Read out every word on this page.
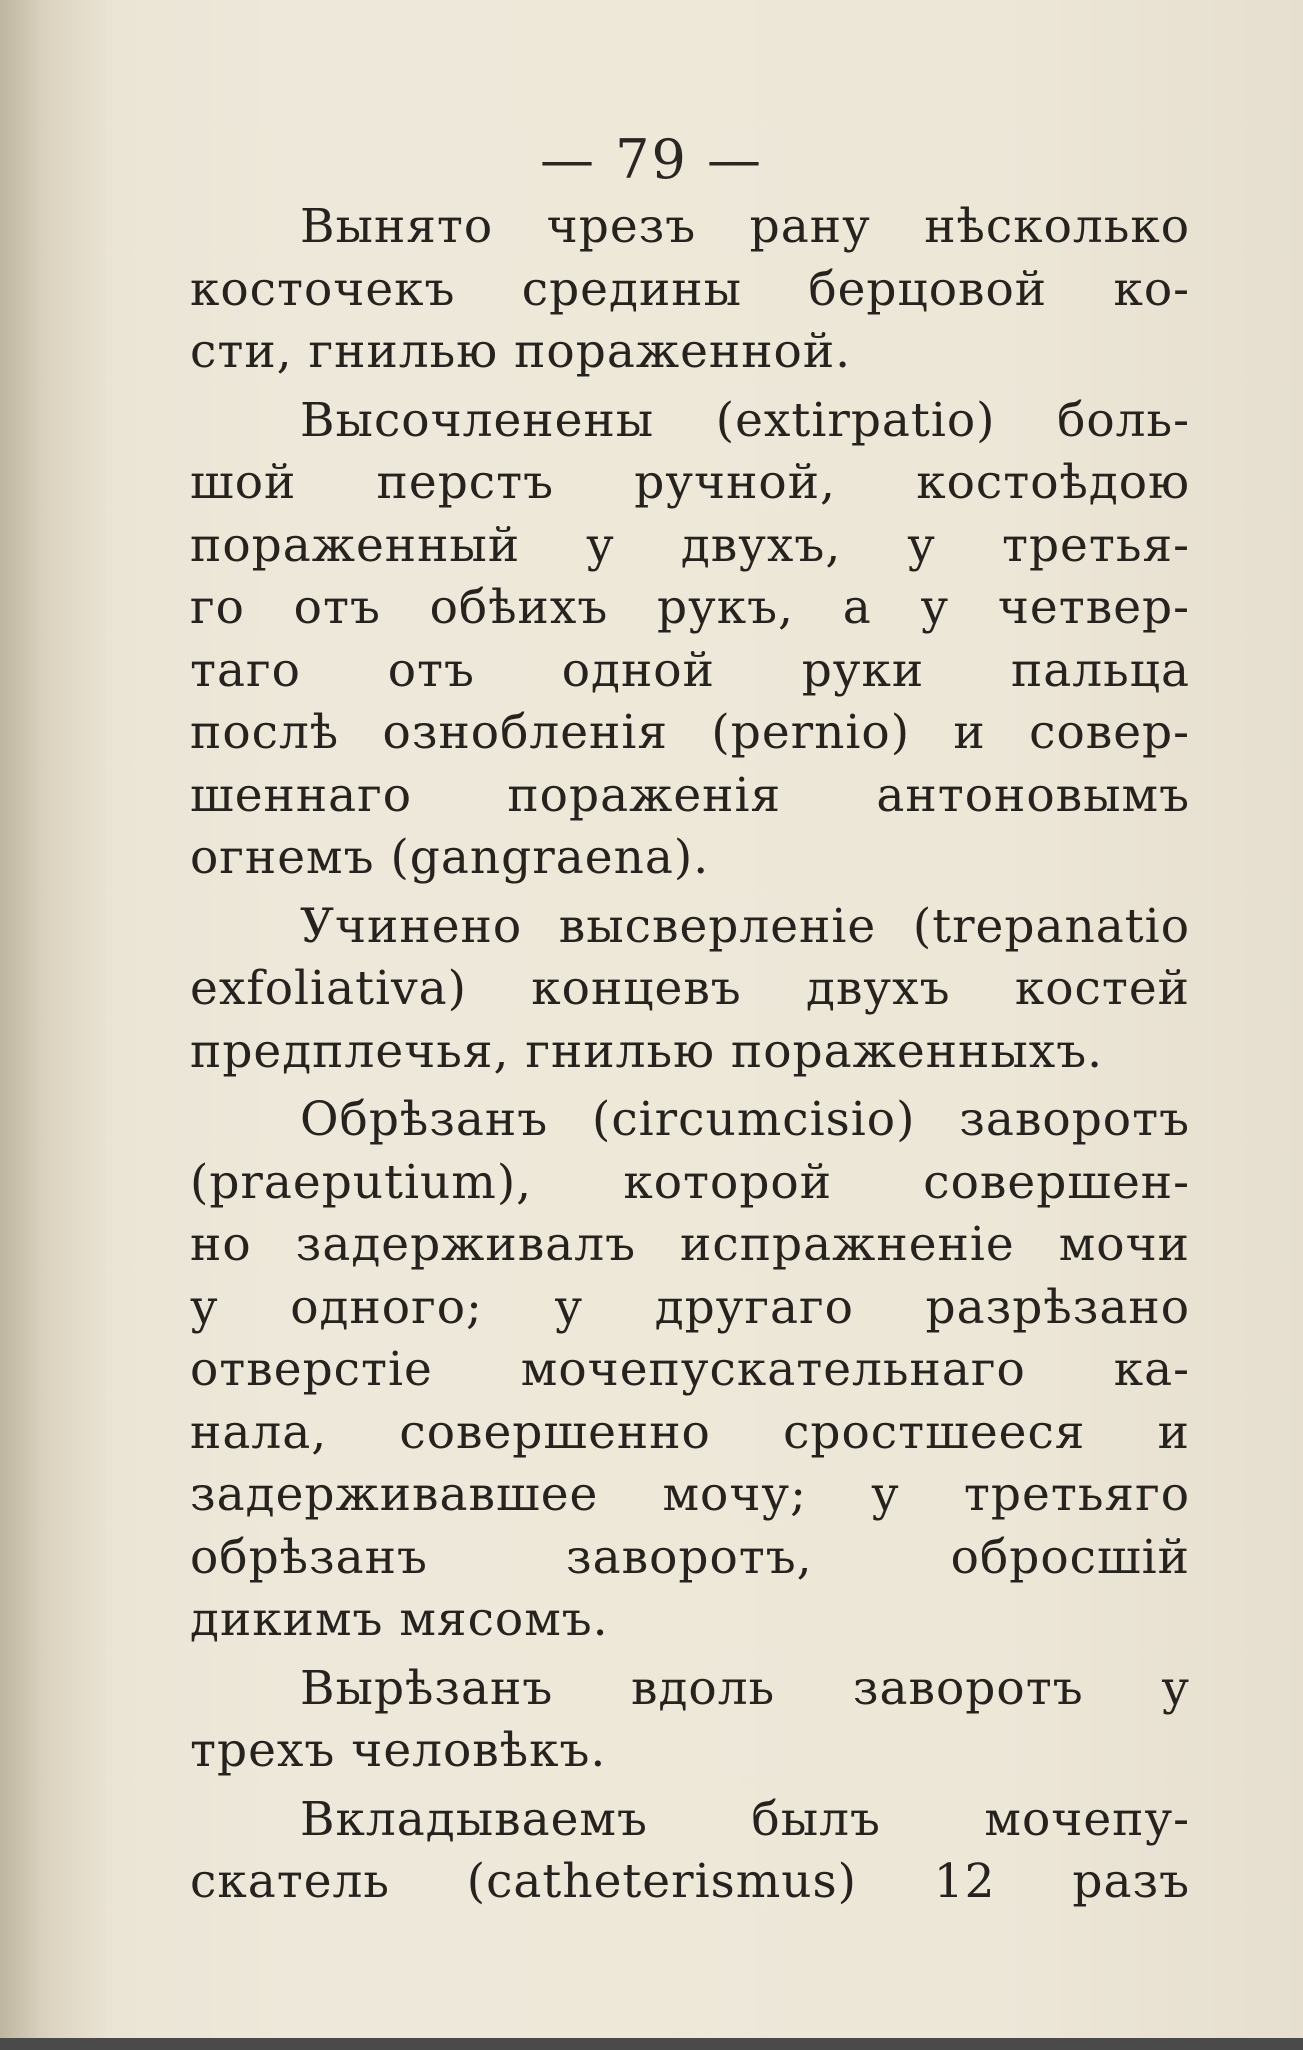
— 79 —

Вынято чрезъ рану нѣсколько
косточекъ средины берцовой ко-
сти, гнилью пораженной.

Высочленены (extirpatio) боль-
шой перстъ ручной, костоѣдою
пораженный у двухъ, у третья-
го отъ обѣихъ рукъ, а у четвер-
таго отъ одной руки пальца
послѣ ознобленія (pernio) и совер-
шеннаго пораженія антоновымъ
огнемъ (gangraena).

Учинено высверленіе (trepanatio
exfoliativa) концевъ двухъ костей
предплечья, гнилью пораженныхъ.

Обрѣзанъ (circumcisio) заворотъ
(praeputium), которой совершен-
но задерживалъ испражненіе мочи
у одного; у другаго разрѣзано
отверстіе мочепускательнаго ка-
нала, совершенно сростшееся и
задерживавшее мочу; у третьяго
обрѣзанъ заворотъ, обросшій
дикимъ мясомъ.

Вырѣзанъ вдоль заворотъ у
трехъ человѣкъ.

Вкладываемъ былъ мочепу-
скатель (catheterismus) 12 разъ
